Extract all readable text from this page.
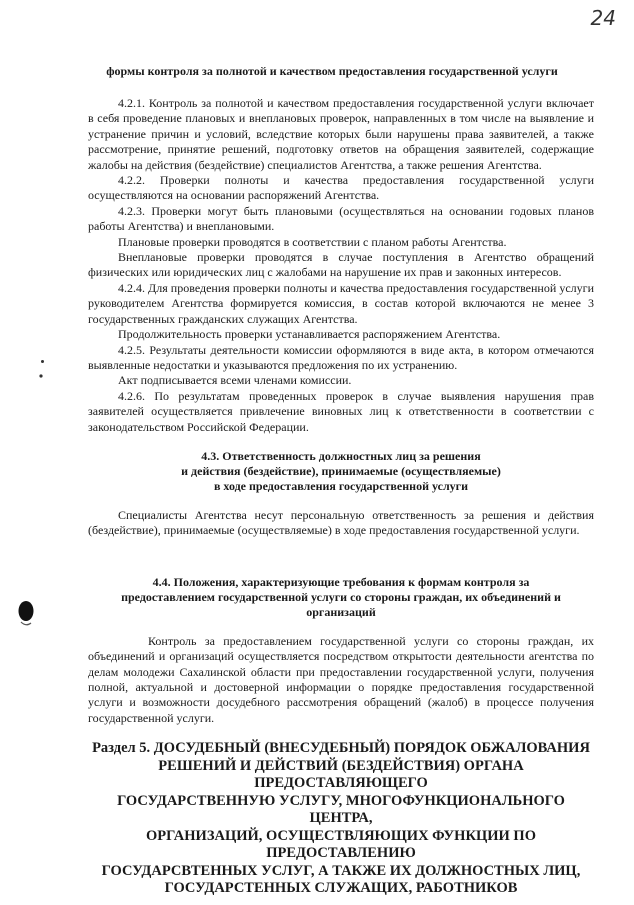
24
формы контроля за полнотой и качеством предоставления государственной услуги

4.2.1. Контроль за полнотой и качеством предоставления государственной услуги включает в себя проведение плановых и внеплановых проверок, направленных в том числе на выявление и устранение причин и условий, вследствие которых были нарушены права заявителей, а также рассмотрение, принятие решений, подготовку ответов на обращения заявителей, содержащие жалобы на действия (бездействие) специалистов Агентства, а также решения Агентства.

4.2.2. Проверки полноты и качества предоставления государственной услуги осуществляются на основании распоряжений Агентства.

4.2.3. Проверки могут быть плановыми (осуществляться на основании годовых планов работы Агентства) и внеплановыми.

Плановые проверки проводятся в соответствии с планом работы Агентства.

Внеплановые проверки проводятся в случае поступления в Агентство обращений физических или юридических лиц с жалобами на нарушение их прав и законных интересов.

4.2.4. Для проведения проверки полноты и качества предоставления государственной услуги руководителем Агентства формируется комиссия, в состав которой включаются не менее 3 государственных гражданских служащих Агентства.

Продолжительность проверки устанавливается распоряжением Агентства.

4.2.5. Результаты деятельности комиссии оформляются в виде акта, в котором отмечаются выявленные недостатки и указываются предложения по их устранению.

Акт подписывается всеми членами комиссии.

4.2.6. По результатам проведенных проверок в случае выявления нарушения прав заявителей осуществляется привлечение виновных лиц к ответственности в соответствии с законодательством Российской Федерации.

4.3. Ответственность должностных лиц за решения
и действия (бездействие), принимаемые (осуществляемые)
в ходе предоставления государственной услуги

Специалисты Агентства несут персональную ответственность за решения и действия (бездействие), принимаемые (осуществляемые) в ходе предоставления государственной услуги.

4.4. Положения, характеризующие требования к формам контроля за
предоставлением государственной услуги со стороны граждан, их объединений и
организаций

Контроль за предоставлением государственной услуги со стороны граждан, их объединений и организаций осуществляется посредством открытости деятельности агентства по делам молодежи Сахалинской области при предоставлении государственной услуги, получения полной, актуальной и достоверной информации о порядке предоставления государственной услуги и возможности досудебного рассмотрения обращений (жалоб) в процессе получения государственной услуги.

Раздел 5. ДОСУДЕБНЫЙ (ВНЕСУДЕБНЫЙ) ПОРЯДОК ОБЖАЛОВАНИЯ
РЕШЕНИЙ И ДЕЙСТВИЙ (БЕЗДЕЙСТВИЯ) ОРГАНА ПРЕДОСТАВЛЯЮЩЕГО
ГОСУДАРСТВЕННУЮ УСЛУГУ, МНОГОФУНКЦИОНАЛЬНОГО ЦЕНТРА,
ОРГАНИЗАЦИЙ, ОСУЩЕСТВЛЯЮЩИХ ФУНКЦИИ ПО ПРЕДОСТАВЛЕНИЮ
ГОСУДАРСВТЕННЫХ УСЛУГ, А ТАКЖЕ ИХ ДОЛЖНОСТНЫХ ЛИЦ,
ГОСУДАРСТЕННЫХ СЛУЖАЩИХ, РАБОТНИКОВ
